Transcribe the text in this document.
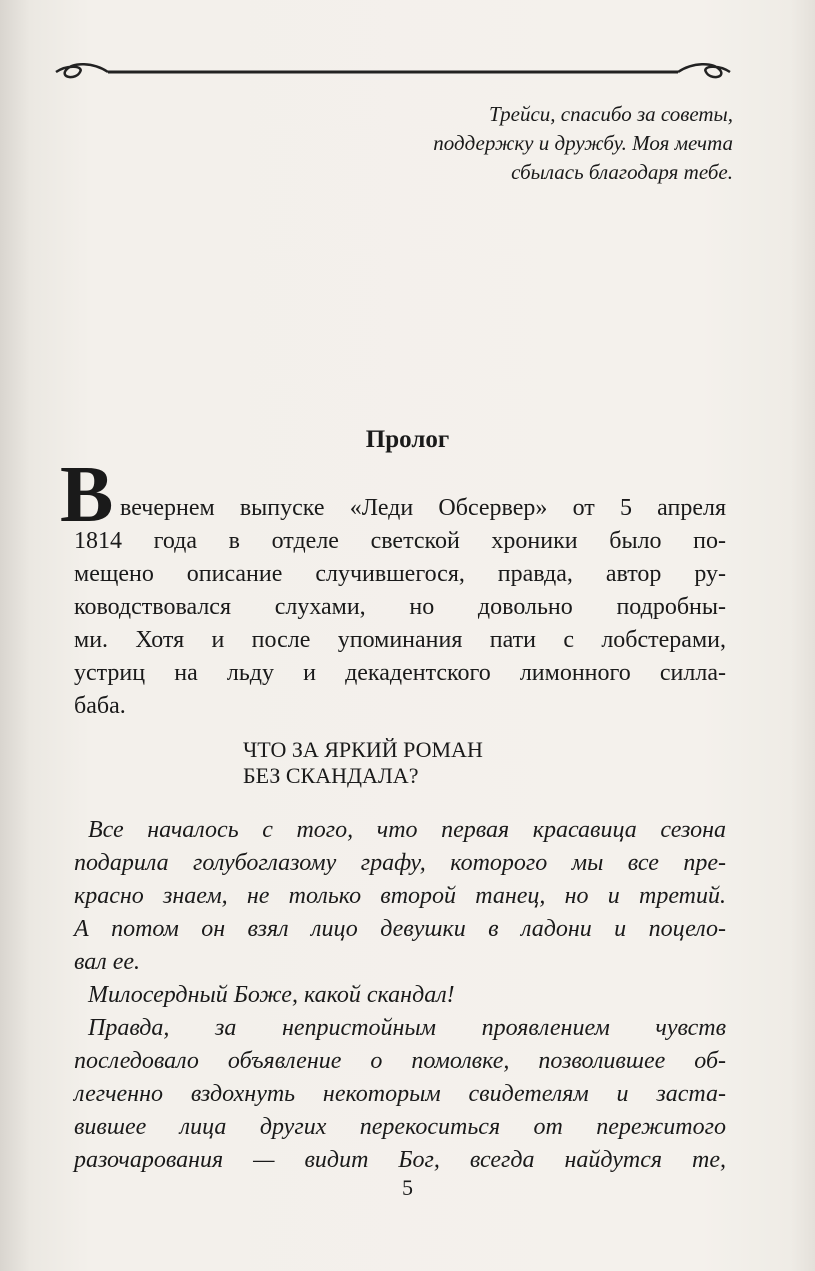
Трейси, спасибо за советы,
поддержку и дружбу. Моя мечта
сбылась благодаря тебе.
Пролог
В вечернем выпуске «Леди Обсервер» от 5 апреля
1814 года в отделе светской хроники было по-
мещено описание случившегося, правда, автор ру-
ководствовался слухами, но довольно подробны-
ми. Хотя и после упоминания пати с лобстерами,
устриц на льду и декадентского лимонного силла-
баба.
ЧТО ЗА ЯРКИЙ РОМАН
БЕЗ СКАНДАЛА?
Все началось с того, что первая красавица сезона
подарила голубоглазому графу, которого мы все пре-
красно знаем, не только второй танец, но и третий.
А потом он взял лицо девушки в ладони и поцело-
вал ее.
Милосердный Боже, какой скандал!
Правда, за непристойным проявлением чувств
последовало объявление о помолвке, позволившее об-
легченно вздохнуть некоторым свидетелям и заста-
вившее лица других перекоситься от пережитого
разочарования — видит Бог, всегда найдутся те,
5
